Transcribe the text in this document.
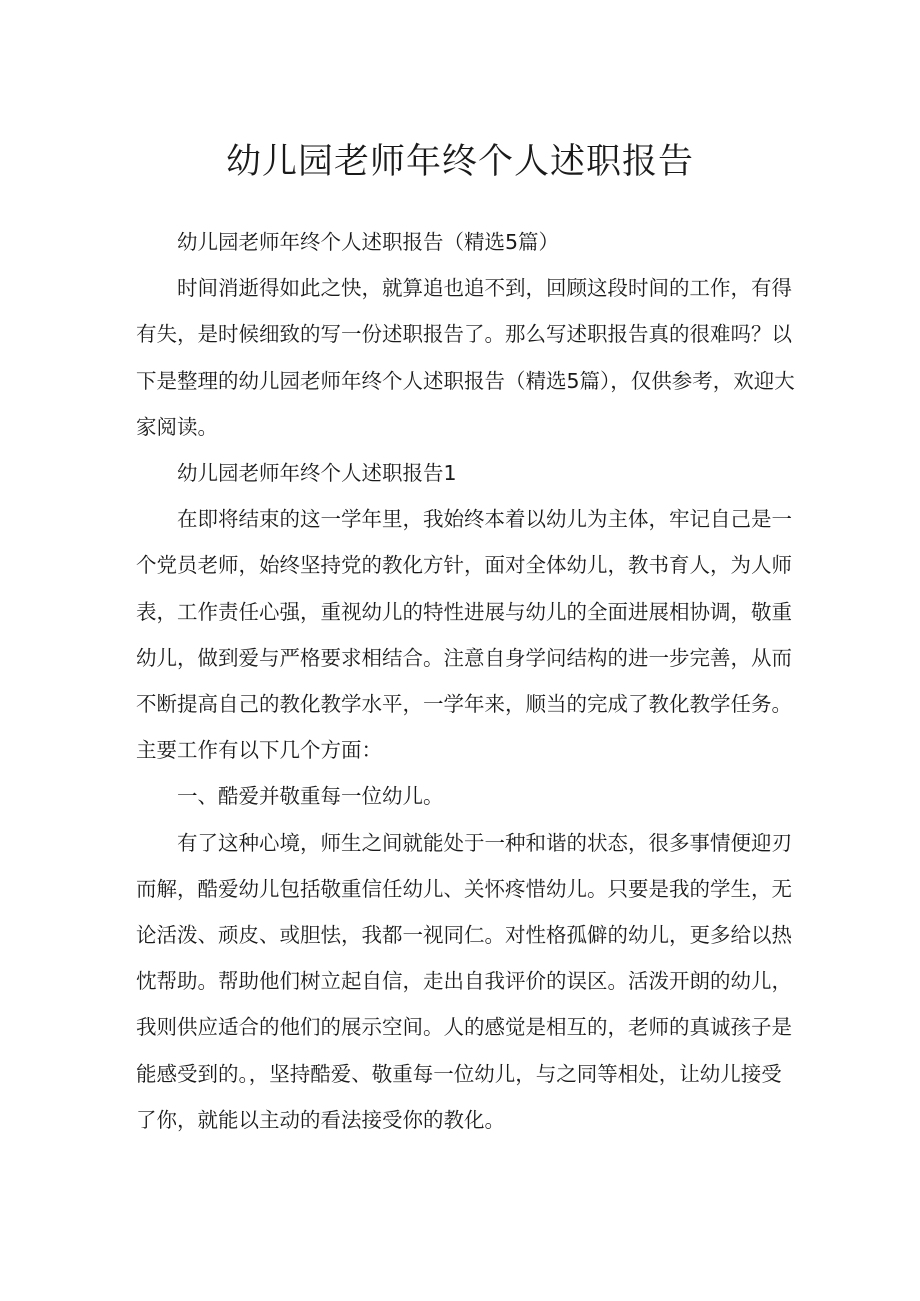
幼儿园老师年终个人述职报告

幼儿园老师年终个人述职报告（精选5篇）

时间消逝得如此之快，就算追也追不到，回顾这段时间的工作，有得

有失，是时候细致的写一份述职报告了。那么写述职报告真的很难吗？以
下是整理的幼儿园老师年终个人述职报告（精选5篇），仅供参考，欢迎大
家阅读。

幼儿园老师年终个人述职报告1

在即将结束的这一学年里，我始终本着以幼儿为主体，牢记自己是一

个党员老师，始终坚持党的教化方针，面对全体幼儿，教书育人，为人师
表，工作责任心强，重视幼儿的特性进展与幼儿的全面进展相协调，敬重
幼儿，做到爱与严格要求相结合。注意自身学问结构的进一步完善，从而
不断提高自己的教化教学水平，一学年来，顺当的完成了教化教学任务。
主要工作有以下几个方面：

一、酷爱并敬重每一位幼儿。

有了这种心境，师生之间就能处于一种和谐的状态，很多事情便迎刃

而解，酷爱幼儿包括敬重信任幼儿、关怀疼惜幼儿。只要是我的学生，无
论活泼、顽皮、或胆怯，我都一视同仁。对性格孤僻的幼儿，更多给以热
忱帮助。帮助他们树立起自信，走出自我评价的误区。活泼开朗的幼儿，
我则供应适合的他们的展示空间。人的感觉是相互的，老师的真诚孩子是
能感受到的。，坚持酷爱、敬重每一位幼儿，与之同等相处，让幼儿接受
了你，就能以主动的看法接受你的教化。
